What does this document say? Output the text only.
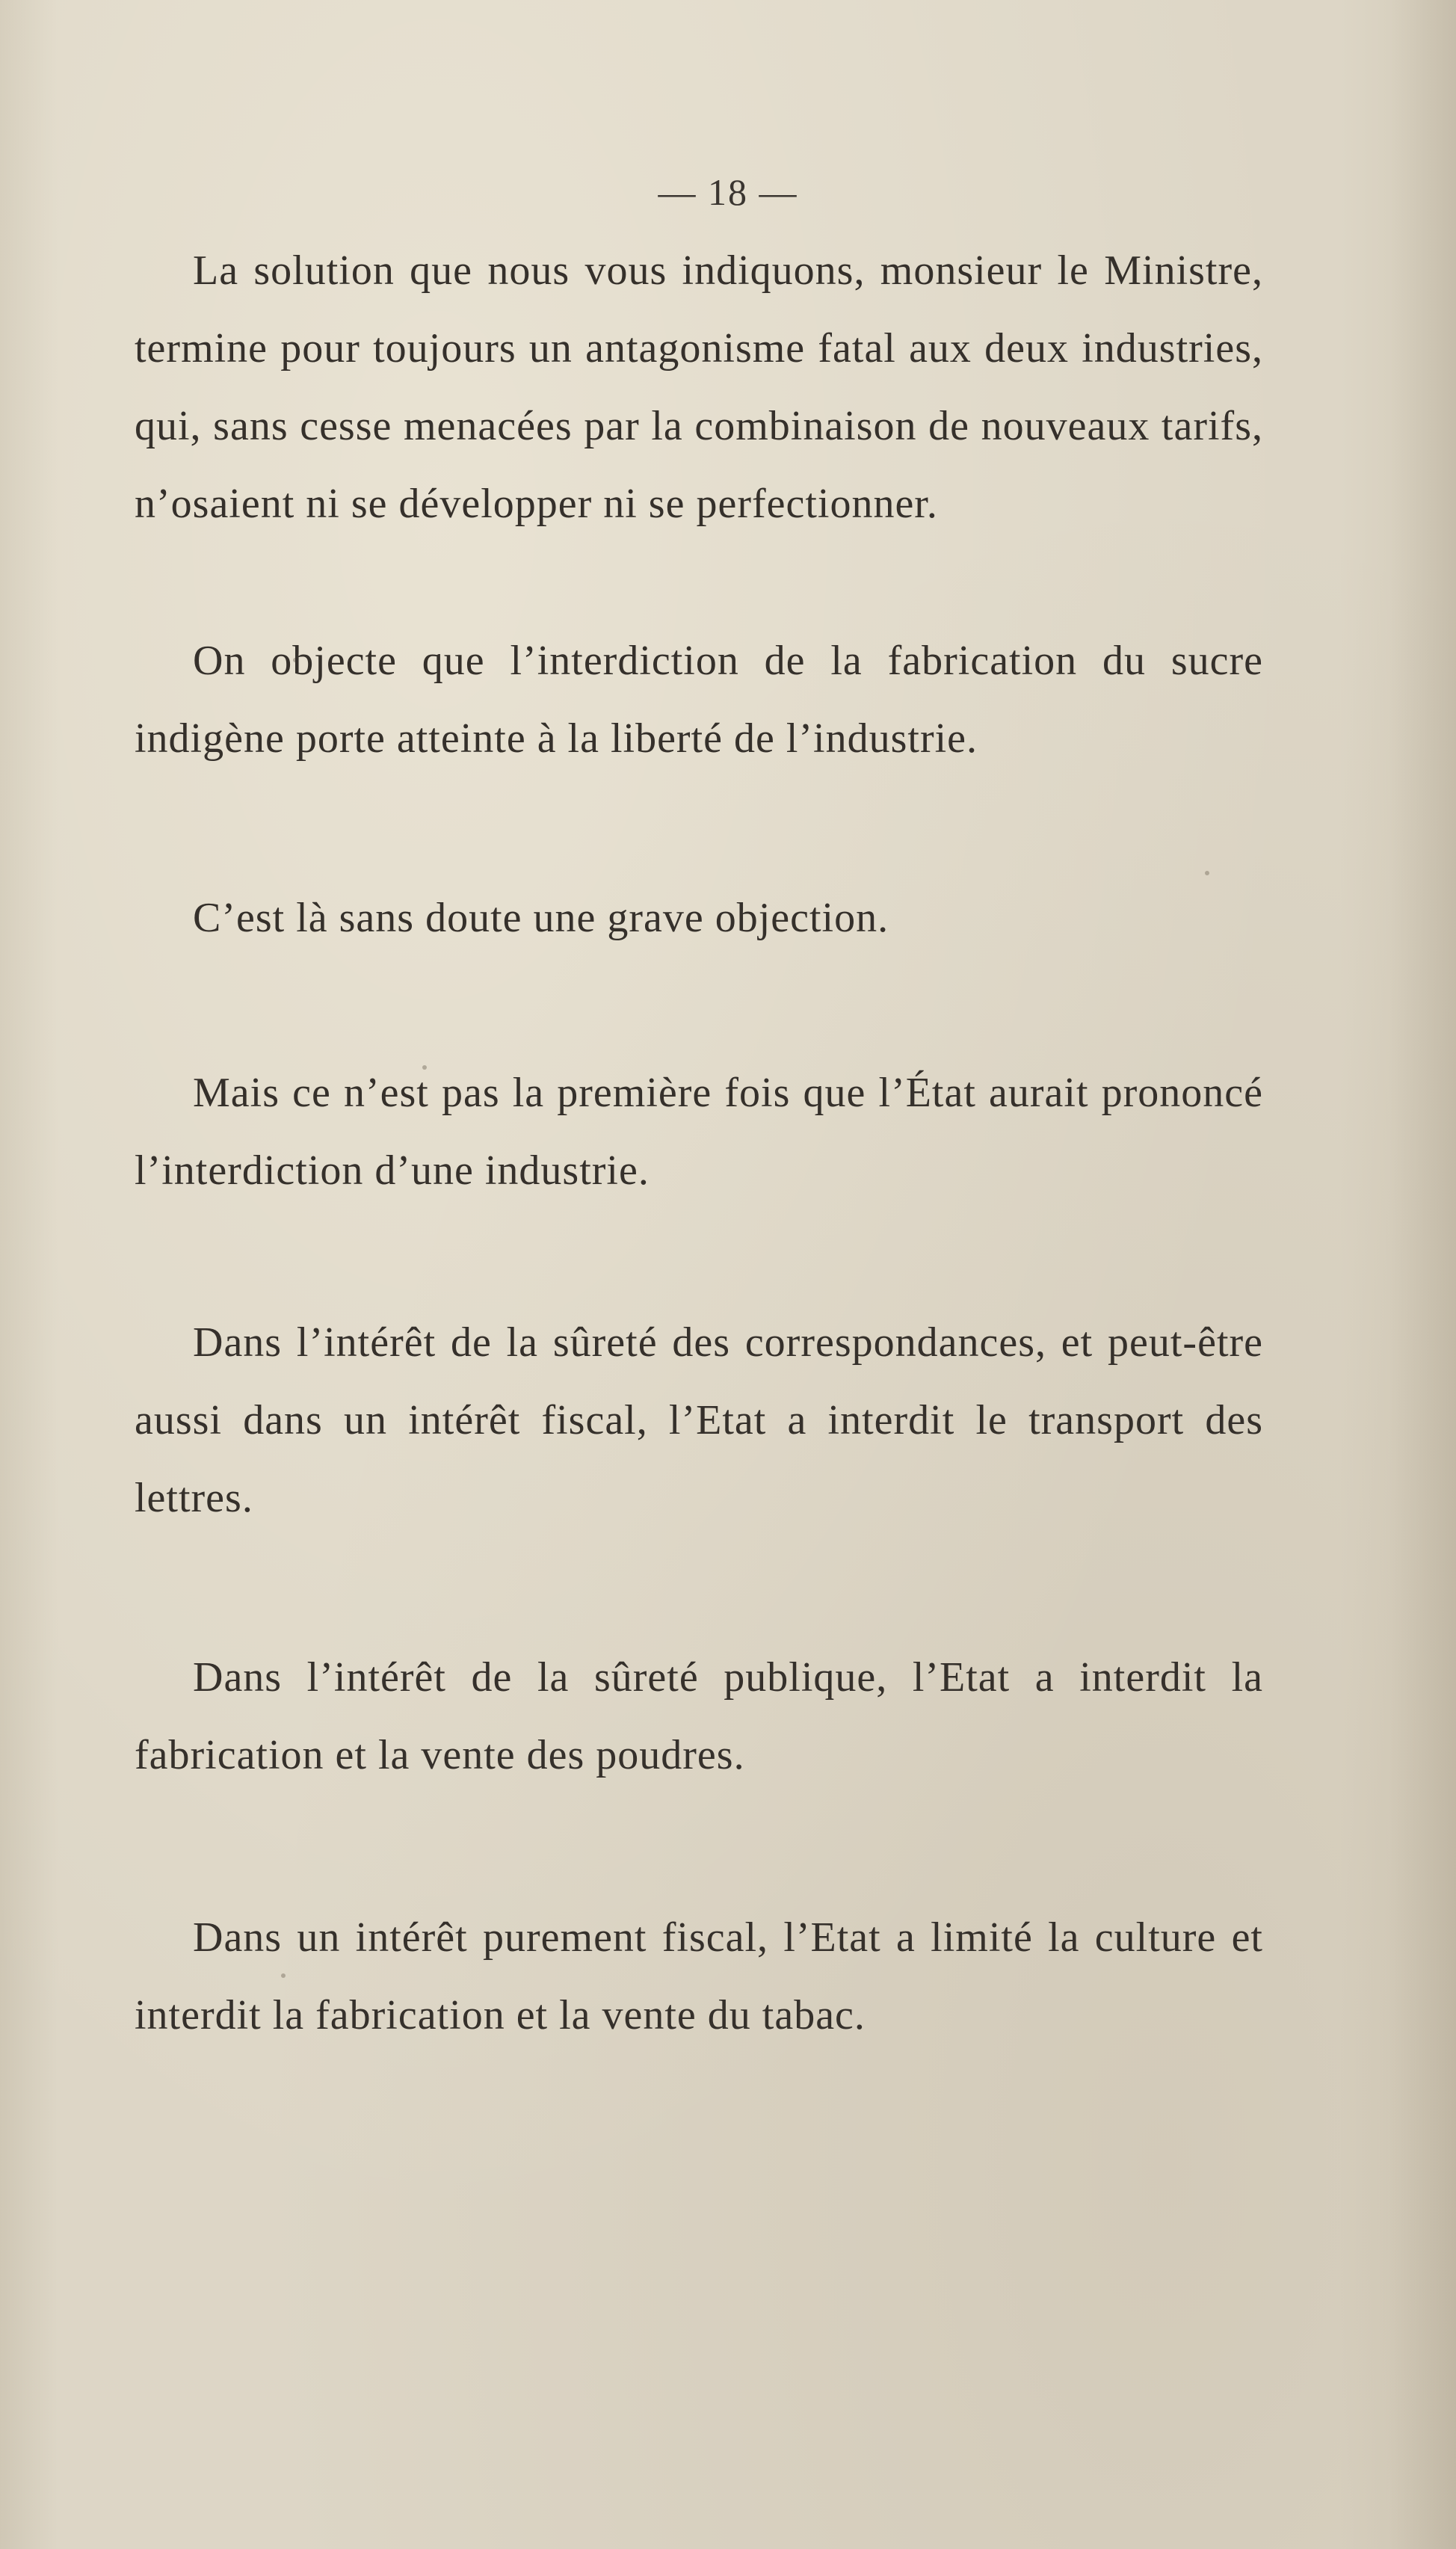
— 18 —

La solution que nous vous indiquons, monsieur le Ministre, termine pour toujours un antagonisme fatal aux deux industries, qui, sans cesse menacées par la combinaison de nouveaux tarifs, n’osaient ni se développer ni se perfectionner.

On objecte que l’interdiction de la fabrication du sucre indigène porte atteinte à la liberté de l’industrie.

C’est là sans doute une grave objection.

Mais ce n’est pas la première fois que l’État aurait prononcé l’interdiction d’une industrie.

Dans l’intérêt de la sûreté des correspondances, et peut-être aussi dans un intérêt fiscal, l’Etat a interdit le transport des lettres.

Dans l’intérêt de la sûreté publique, l’Etat a interdit la fabrication et la vente des poudres.

Dans un intérêt purement fiscal, l’Etat a limité la culture et interdit la fabrication et la vente du tabac.
